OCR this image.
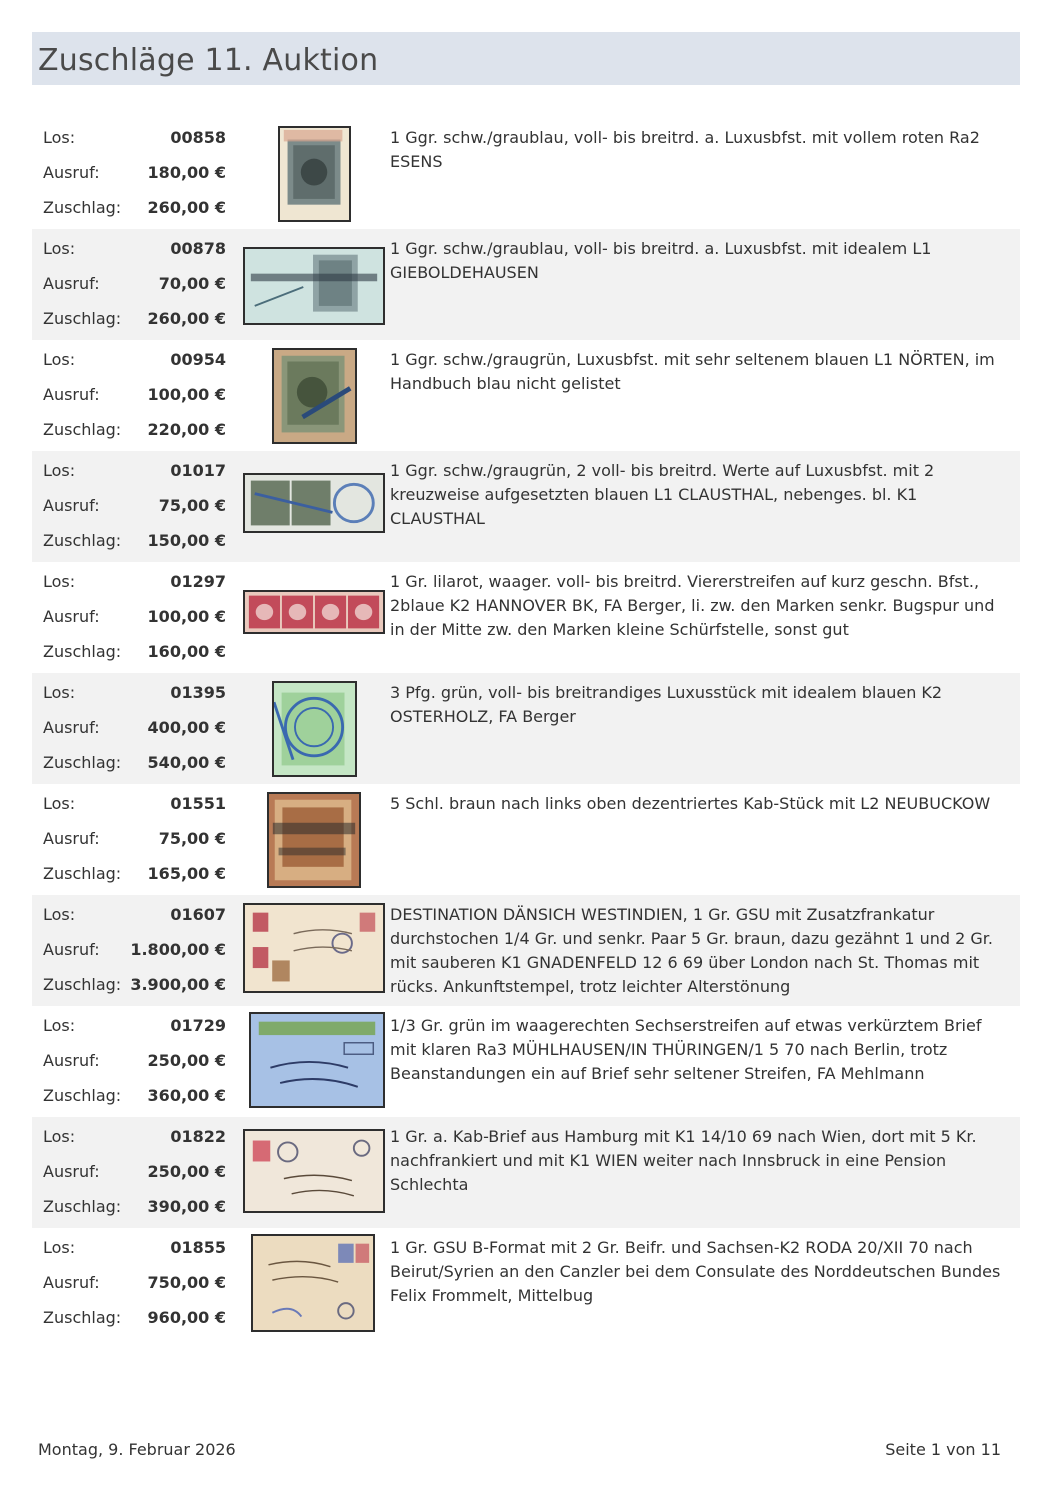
Zuschläge 11. Auktion
Los:	00858
Ausruf:	180,00 €
Zuschlag: 260,00 €
1 Ggr. schw./graublau, voll- bis breitrd. a. Luxusbfst. mit vollem roten Ra2 ESENS
Los:	00878
Ausruf:	70,00 €
Zuschlag: 260,00 €
1 Ggr. schw./graublau, voll- bis breitrd. a. Luxusbfst. mit idealem L1 GIEBOLDEHAUSEN
Los:	00954
Ausruf:	100,00 €
Zuschlag: 220,00 €
1 Ggr. schw./graugrün, Luxusbfst. mit sehr seltenem blauen L1 NÖRTEN, im Handbuch blau nicht gelistet
Los:	01017
Ausruf:	75,00 €
Zuschlag: 150,00 €
1 Ggr. schw./graugrün, 2 voll- bis breitrd. Werte auf Luxusbfst. mit 2 kreuzweise aufgesetzten blauen L1 CLAUSTHAL, nebenges. bl. K1 CLAUSTHAL
Los:	01297
Ausruf:	100,00 €
Zuschlag: 160,00 €
1 Gr. lilarot, waager. voll- bis breitrd. Viererstreifen auf kurz geschn. Bfst., 2blaue K2 HANNOVER BK, FA Berger, li. zw. den Marken senkr. Bugspur und in der Mitte zw. den Marken kleine Schürfstelle, sonst gut
Los:	01395
Ausruf:	400,00 €
Zuschlag: 540,00 €
3 Pfg. grün, voll- bis breitrandiges Luxusstück mit idealem blauen K2 OSTERHOLZ, FA Berger
Los:	01551
Ausruf:	75,00 €
Zuschlag: 165,00 €
5 Schl. braun nach links oben dezentriertes Kab-Stück mit L2 NEUBUCKOW
Los:	01607
Ausruf: 1.800,00 €
Zuschlag: 3.900,00 €
DESTINATION DÄNSICH WESTINDIEN, 1 Gr. GSU mit Zusatzfrankatur durchstochen 1/4 Gr. und senkr. Paar 5 Gr. braun, dazu gezähnt 1 und 2 Gr. mit sauberen K1 GNADENFELD 12 6 69 über London nach St. Thomas mit rücks. Ankunftstempel, trotz leichter Alterstönung
Los:	01729
Ausruf:	250,00 €
Zuschlag: 360,00 €
1/3 Gr. grün im waagerechten Sechserstreifen auf etwas verkürztem Brief mit klaren Ra3 MÜHLHAUSEN/IN THÜRINGEN/1 5 70 nach Berlin, trotz Beanstandungen ein auf Brief sehr seltener Streifen, FA Mehlmann
Los:	01822
Ausruf:	250,00 €
Zuschlag: 390,00 €
1 Gr. a. Kab-Brief aus Hamburg mit K1 14/10 69 nach Wien, dort mit 5 Kr. nachfrankiert und mit K1 WIEN weiter nach Innsbruck in eine Pension Schlechta
Los:	01855
Ausruf:	750,00 €
Zuschlag: 960,00 €
1 Gr. GSU B-Format mit 2 Gr. Beifr. und Sachsen-K2 RODA 20/XII 70 nach Beirut/Syrien an den Canzler bei dem Consulate des Norddeutschen Bundes Felix Frommelt, Mittelbug
Montag, 9. Februar 2026	Seite 1 von 11
